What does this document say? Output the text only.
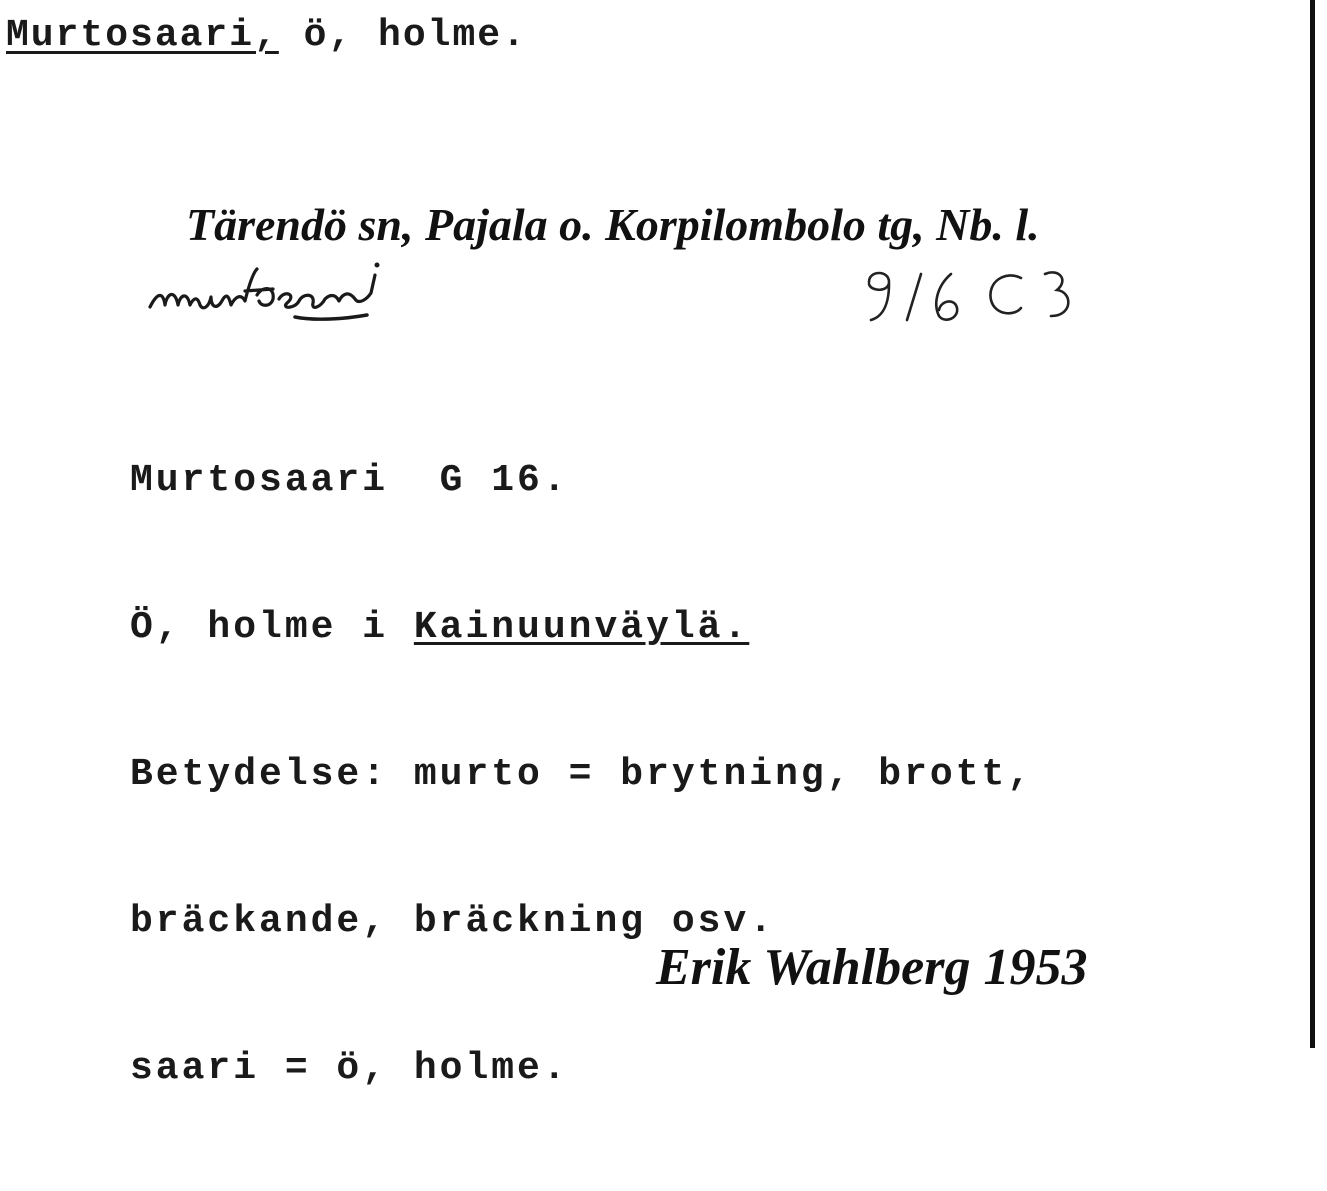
Murtosaari, ö, holme.
Tärendö sn, Pajala o. Korpilombolo tg, Nb. l.

Murtosaari  G 16.

Ö, holme i Kainuunväylä.

Betydelse: murto = brytning, brott,

bräckande, bräckning osv.

saari = ö, holme.

Erik Wahlberg 1953
